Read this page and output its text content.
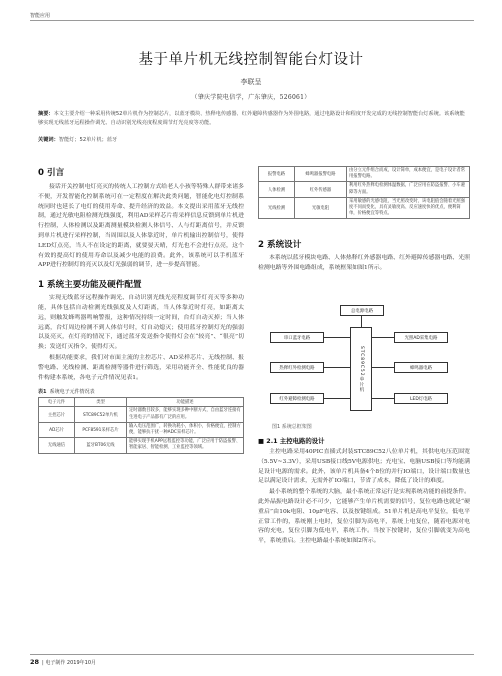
智能应用
基于单片机无线控制智能台灯设计
李联呈
（肇庆学院电信学，广东肇庆，526061）
摘要：本文主要介绍一种采用传统52单片机作为控制芯片，以蓝牙模块、热释电传感器、红外避障传感器作为外围电路，通过电路设计和程度开发完成的无线控制智能台灯系统。该系统能够实现无线蓝牙远程操作调光、自动识别光线亮度程度调节灯光亮度等功能。
关键词：智能灯；52单片机；蓝牙
0 引言

接话开关控制电灯亮灭的传统人工控制方式给老人小孩等特殊人群带来诸多不便，开发智能化控制系统可在一定程度在解决此类问题，智能化电灯控制系统同时也延长了电灯的使用寿命、提升经济的效益。本文提出采用蓝牙无线控制，通过光敏电阻检测光线强度，利用AD采样芯片将采样信息反馈到单片机进行控制，人体检测以及距离测量模块检测人体信号、人与灯距离信号，并反馈到单片机进行采样控制，当周围以及人体靠近时，单片机输出控制信号，使得LED灯点亮，当人不在设定的距离，就要晏天晴，灯光也不会进行点亮，这个有效的提高灯的使用寿命以及减少电能的浪费。此外，该系统可以手机蓝牙APP进行控制灯的亮灭以及灯光强弱的调节，进一步提高智能。

1 系统主要功能及硬件配置

实现无线蓝牙远程操作调光、自动识别光线光亮程度调节灯亮灭等多种功能，具体包括自动检测光线强度及人灯距离，当人体靠近时灯亮，如距离太远，则触发蜂鸣器鸣响警报，这种情况持续一定时间，台灯自动灭掉；当人体远离，台灯周边检测不到人体信号时，灯自动熄灭；使用蓝牙控制灯光的强弱以及亮灭，在灯亮的情况下，通过蓝牙发送指令使得灯会在“较亮”、“很亮”切换；发送灯灭指令，使得灯灭。

根据功能要求，我们对市面主流的主控芯片、AD采样芯片、无线控制、报警电路、光线检测、距离检测等器件进行筛选，采用功能齐全、性能优良的器件构建本系统，各电子元件情况见表1。

表1 系统电子元件情况表
电子元件	类型	功能描述
主控芯片	STC89C52单片机	定时器数目较多，能够实现多种中断方式，自由蓝牙连接有生进电子产品都有广泛的应用。
AD芯片	PCF8591采样芯片	输入电压范围广，转换功耗小，体积小，价格便宜，控制方便，能够抗干扰一种ADC采样芯片。
无线通信	蓝牙BT06无线	能够实现手机APP远程监控等功能，广泛应用于防盗报警、智能家居、智能检测、工业监控等领域。
报警电路	蜂鸣器报警电路	由分立元件组合而成，设计简单，成本便宜，是电子设计者常用报警电路。
人体检测	红外传感器	利用红外热释电检测体温数据，广泛应用在防盗报警、小车避障等方面。
光线检测	光敏电阻	采用敏感的光感电阻，当光照改变时，该电阻值会随着光照强度不同而变化，具有灵敏度高、反应速度快的优点，便利简单，价格便宜等特点。
2 系统设计

本系统以蓝牙模块电路、人体热释红外感器电路、红外避障传感器电路、光照检测电路等外围电路组成，系统框架如图1所示。

总电源电路
串口蓝牙电路
热释红外检测电路
红外避障检测电路
STC89C52单片机
光照AD采集电路
蜂鸣器电路
LED灯电路
图1 系统总框架图
■ 2.1 主控电路的设计

主控电路采用40PIC直插式封装STC89C52八位单片机，其供电电压范围宽（5.5V~3.3V），采用USB接口线5V电源供电；充电宝、电脑USB接口等均能满足设计电源的需求。此外，该单片机具备4个8位的并行IO端口，设计端口数量也足以满足设计需求，无需外扩IO端口，节省了成本，降低了设计的难度。

最小系统的整个系统的大脑，最小系统正常运行是实现系统功能的前提条件。此外晶振电路设计必不可少，它能够产生单片机需要的信号，复位电路也就是“硬重启”由10k电阻、10μF电容、以及按键组成。51单片机是高电平复位，低电平正常工作的，系统刚上电时，复位引脚为高电平，系统上电复位，随着电源对电容的充电，复位引脚为低电平，系统工作。当按下按键时，复位引脚就变为高电平，系统重启。主控电路最小系统如图2所示。

28 | 电子制作 2019年10月
